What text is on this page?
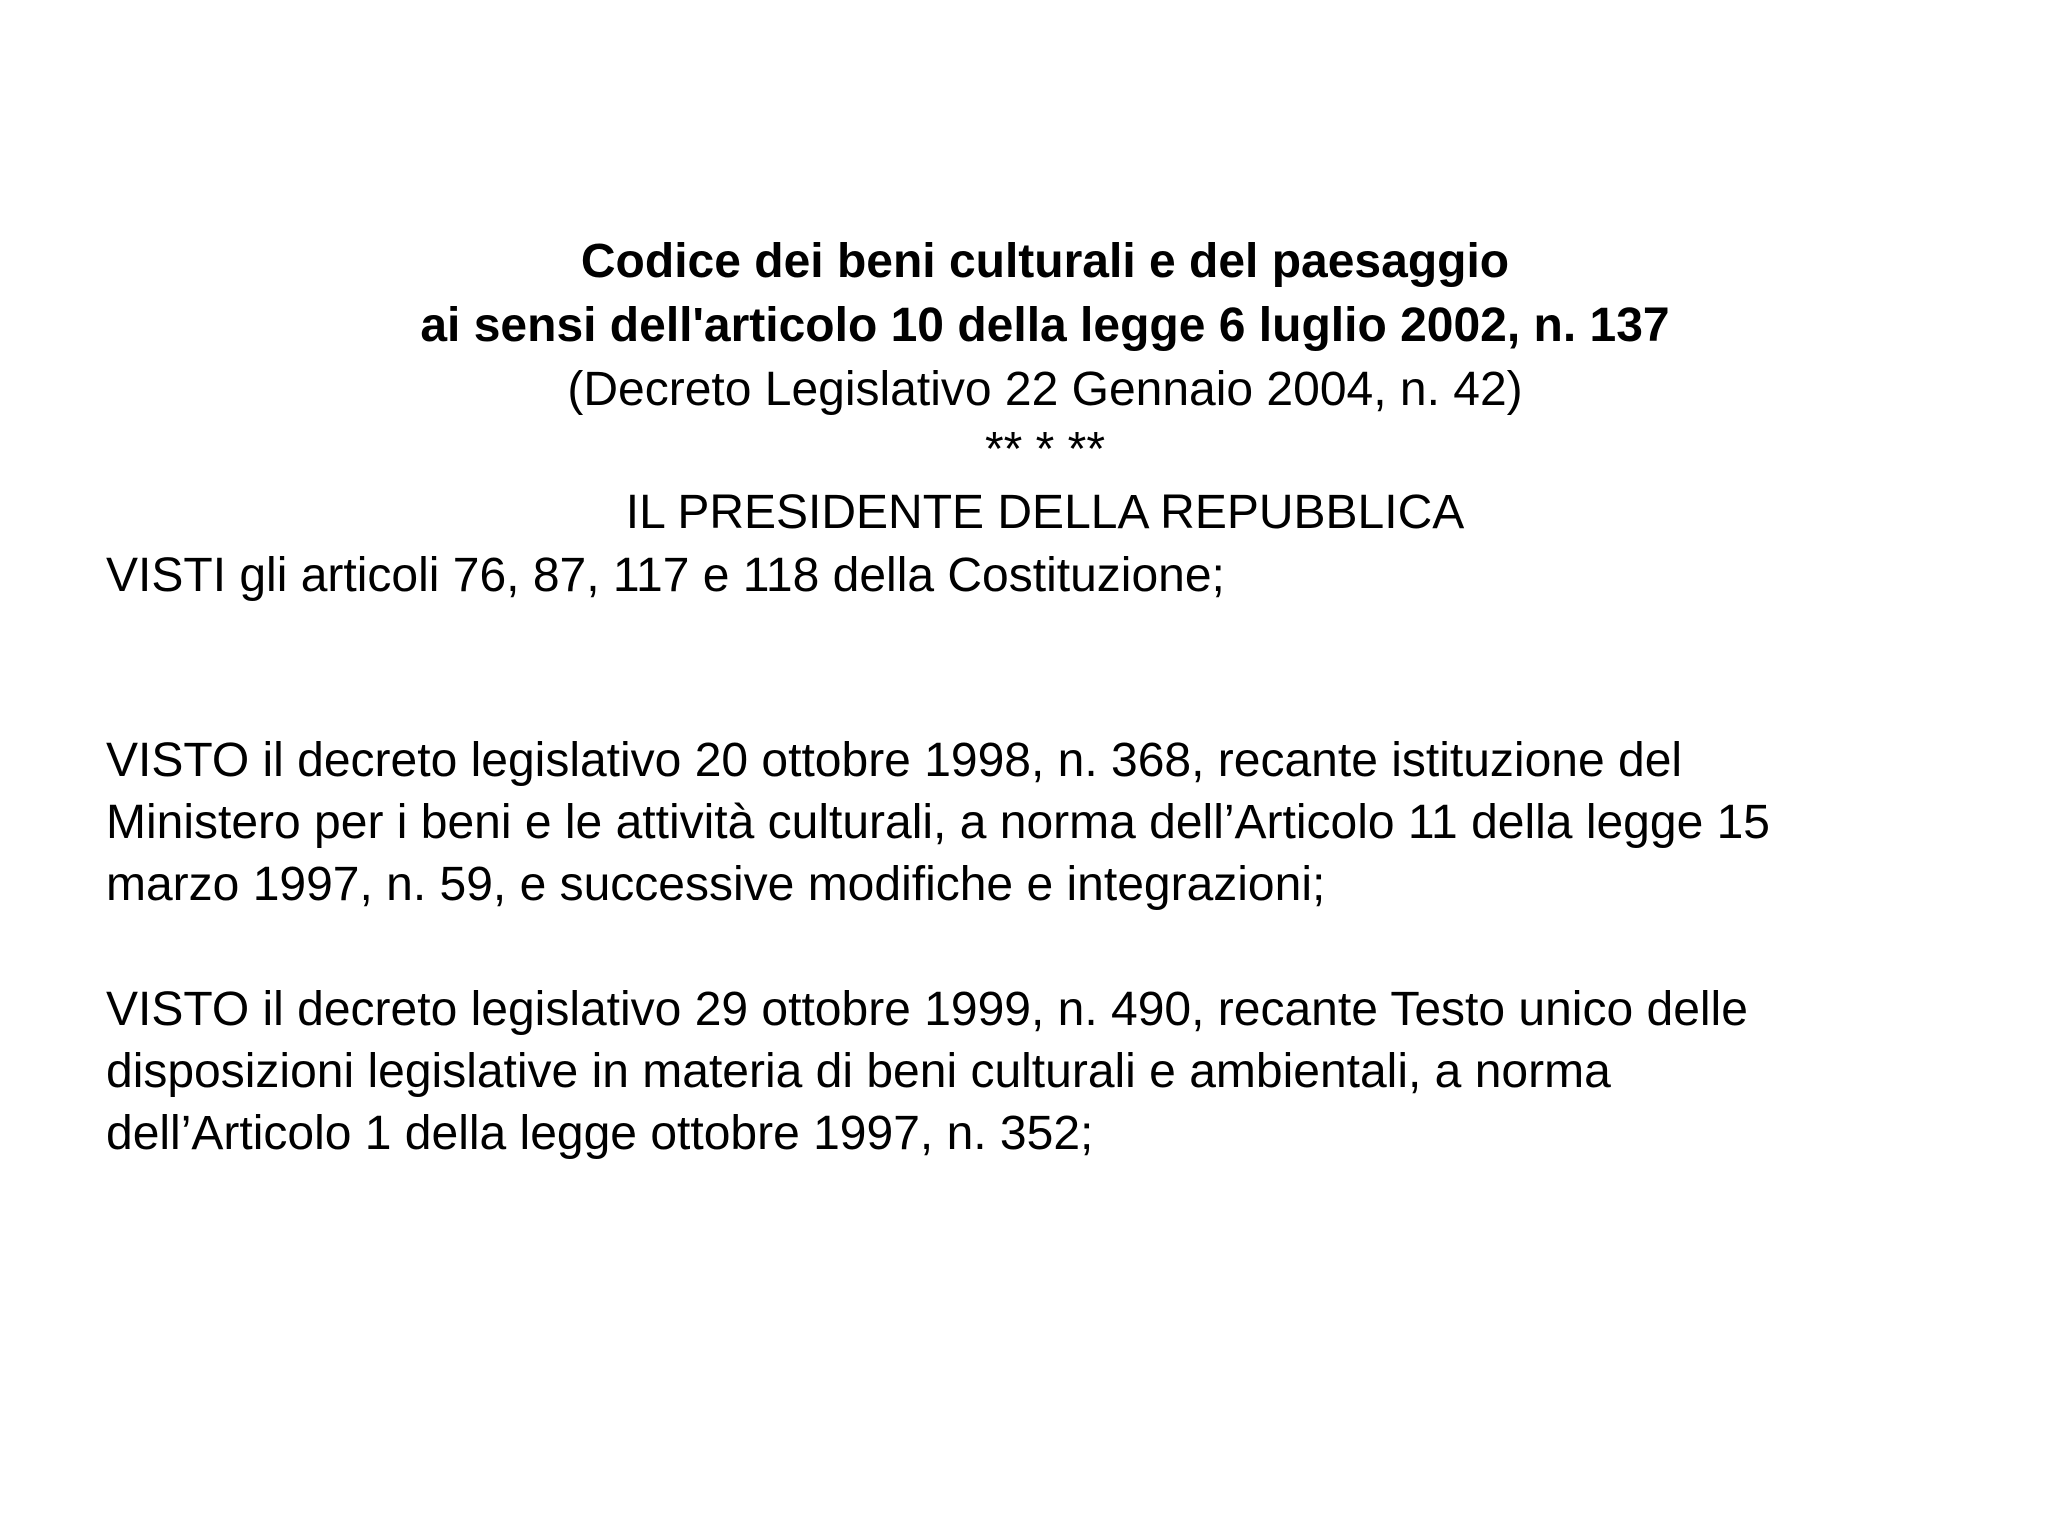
Codice dei beni culturali e del paesaggio
ai sensi dell'articolo 10 della legge 6 luglio 2002, n. 137
(Decreto Legislativo 22 Gennaio 2004, n. 42)
** * **
IL PRESIDENTE DELLA REPUBBLICA
VISTI gli articoli 76, 87, 117 e 118 della Costituzione;
VISTO il decreto legislativo 20 ottobre 1998, n. 368, recante istituzione del
Ministero per i beni e le attività culturali, a norma dell’Articolo 11 della legge 15
marzo 1997, n. 59, e successive modifiche e integrazioni;
VISTO il decreto legislativo 29 ottobre 1999, n. 490, recante Testo unico delle
disposizioni legislative in materia di beni culturali e ambientali, a norma
dell’Articolo 1 della legge ottobre 1997, n. 352;
